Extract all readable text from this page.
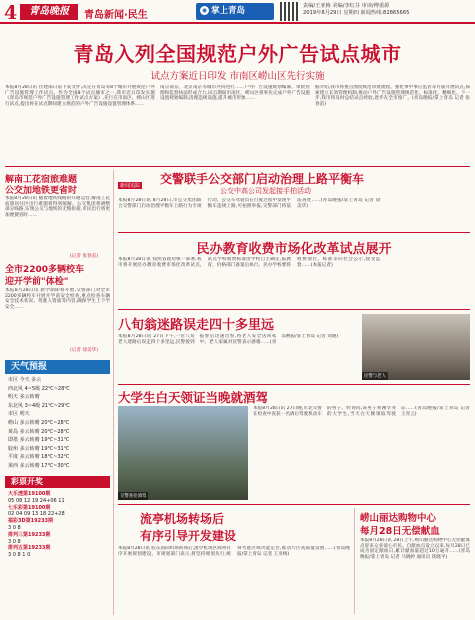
4	青岛晚报	青岛新闻·民生	◉ 掌上青岛	责编/王亚梅 美编/李红芬 审读/傅重源
2019年8月29日 星期四 新闻热线:82865665
青岛入列全国规范户外广告试点城市
试点方案近日印发 市南区崂山区先行实施
本报8月28日讯 住建部日前下发文件,决定在青岛等8个城市开展规范户外广告设施管理工作试点。作为全国8个试点城市之一,我市近日印发实施《青岛市规范户外广告设施管理工作试点方案》,先行在市南区、崂山区进行试点,提出将在试点期间建立规范的户外广告设施设置管理体系……
南京南京、北京南京等城市共同进行……户外广告设施规划编制、审批管理和监督执法形成合力,试点期间市南区、崂山区将率先完成户外广告设施设置规划编制,清理违规设施,提升城市形象……
据介绍,我市将重点围绕规范审批流程、强化事中事后监管等方面开展试点,探索建立长效管理机制,推动户外广告设施管理规范化、标准化、精细化。下一步,我市将及时总结试点经验,逐步在全市推广。(青岛晚报/掌上青岛 记者 张春雷)
解南工花宿旅难题
公交加地铁更省时
本报8月28日讯 随着地铁线路的开通运营,解南工花宿旅居住区出行难题将得到缓解。公交集团将调整部分线路,实现公交与地铁的无缝衔接,市民出行将更加便捷省时……
(记者 张春雷)
全市2200多辆校车
迎开学前"体检"
本报8月28日讯 新学期即将开始,交警部门对全市2200多辆校车开展开学前安全检查,重点检查车辆安全技术状况、驾驶人资质等内容,确保学生上下学安全……
(记者 徐美华)
天气预报
市区 今天 多云
西北风 4~5级 22℃~28℃
明天 多云转晴
东北风 3~4级 21℃~29℃
市区 明天
崂山 多云转晴 20℃~28℃
黄岛 多云转晴 20℃~28℃
即墨 多云转晴 19℃~31℃
胶州 多云转晴 19℃~31℃
平度 多云转晴 18℃~32℃
莱西 多云转晴 17℃~30℃
彩票开奖
大乐透第19100期
05 08 12 19 24+06 11
七乐彩第19100期
02 04 09 13 18 22+28
福彩3D第19233期
3 0 8
排列三第19233期
3 0 8
排列五第19233期
3 0 8 1 0
新闻追踪	交警联手公交部门启动治理上路平衡车
公交中高公司发起接手拍活动
本报8月28日讯 8月28日,市公交集团联合交警部门启动治理平衡车上路行为专项行动。公交车驾驶员在行驶过程中发现平衡车违规上路,可拍照举报,交警部门将依法查处……(青岛晚报/掌上青岛 记者 徐美华)
民办教育收费市场化改革试点展开
本报8月28日讯 按照省政府统一部署,我市将开展民办教育收费市场化改革试点,试点学校收费标准由学校自主确定,报教育、价格部门备案后执行。民办学校要将收费项目、标准等向社会公示,接受监督……(本报记者)
八旬翁迷路误走四十多里远
本报8月28日讯 27日下午,一位八旬老人迷路后误走四十多里远,民警接到报警后迅速出警,将老人安全送回家中。老人家属对民警表示感谢……(青岛晚报/掌上青岛 记者 刘晓)
民警与老人
大学生白天领证当晚就酒驾
交警查处酒驾
本报8月28日讯 27日晚,市北交警在检查中查获一名酒后驾驶机动车的男子。经询问,该男子系刚毕业的大学生,当天白天刚领取驾驶证……(青岛晚报/掌上青岛 记者 王青云)
流亭机场转场后
有序引导开发建设
本报8月28日讯 胶东国际机场转场后,流亭机场区域将有序开展规划建设。市规划部门表示,将坚持规划先行,统筹考虑区域功能定位,推动片区高质量发展……(青岛晚报/掌上青岛 记者 王亚梅)
崂山丽达购物中心
每月28日无偿献血
本报8月28日讯 28日上午,崂山丽达购物中心无偿献血点迎来众多爱心市民。自献血点设立以来,每月28日已成为固定献血日,累计献血量超过10万毫升……(青岛晚报/掌上青岛 记者 马晓婷 通讯员 崔晓平)
